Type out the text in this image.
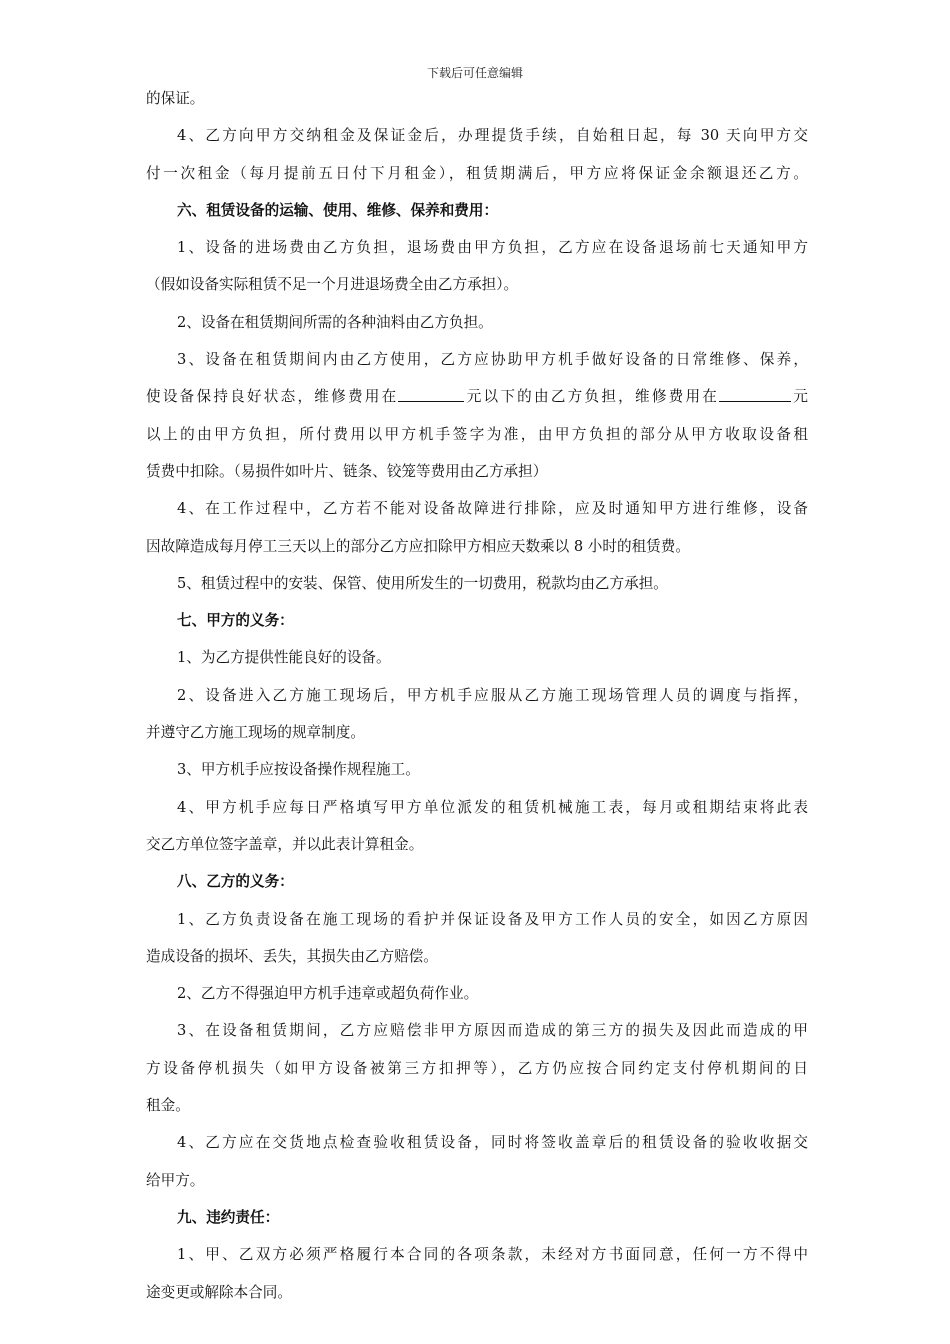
下载后可任意编辑
的保证。
4、乙方向甲方交纳租金及保证金后，办理提货手续，自始租日起，每 30 天向甲方交
付一次租金（每月提前五日付下月租金），租赁期满后，甲方应将保证金余额退还乙方。
六、租赁设备的运输、使用、维修、保养和费用：
1、设备的进场费由乙方负担，退场费由甲方负担，乙方应在设备退场前七天通知甲方
（假如设备实际租赁不足一个月进退场费全由乙方承担）。
2、设备在租赁期间所需的各种油料由乙方负担。
3、设备在租赁期间内由乙方使用，乙方应协助甲方机手做好设备的日常维修、保养，
使设备保持良好状态，维修费用在	元以下的由乙方负担，维修费用在	元
以上的由甲方负担，所付费用以甲方机手签字为准，由甲方负担的部分从甲方收取设备租
赁费中扣除。（易损件如叶片、链条、铰笼等费用由乙方承担）
4、在工作过程中，乙方若不能对设备故障进行排除，应及时通知甲方进行维修，设备
因故障造成每月停工三天以上的部分乙方应扣除甲方相应天数乘以 8 小时的租赁费。
5、租赁过程中的安装、保管、使用所发生的一切费用，税款均由乙方承担。
七、甲方的义务：
1、为乙方提供性能良好的设备。
2、设备进入乙方施工现场后，甲方机手应服从乙方施工现场管理人员的调度与指挥，
并遵守乙方施工现场的规章制度。
3、甲方机手应按设备操作规程施工。
4、甲方机手应每日严格填写甲方单位派发的租赁机械施工表，每月或租期结束将此表
交乙方单位签字盖章，并以此表计算租金。
八、乙方的义务：
1、乙方负责设备在施工现场的看护并保证设备及甲方工作人员的安全，如因乙方原因
造成设备的损坏、丢失，其损失由乙方赔偿。
2、乙方不得强迫甲方机手违章或超负荷作业。
3、在设备租赁期间，乙方应赔偿非甲方原因而造成的第三方的损失及因此而造成的甲
方设备停机损失（如甲方设备被第三方扣押等），乙方仍应按合同约定支付停机期间的日
租金。
4、乙方应在交货地点检查验收租赁设备，同时将签收盖章后的租赁设备的验收收据交
给甲方。
九、违约责任：
1、甲、乙双方必须严格履行本合同的各项条款，未经对方书面同意，任何一方不得中
途变更或解除本合同。
